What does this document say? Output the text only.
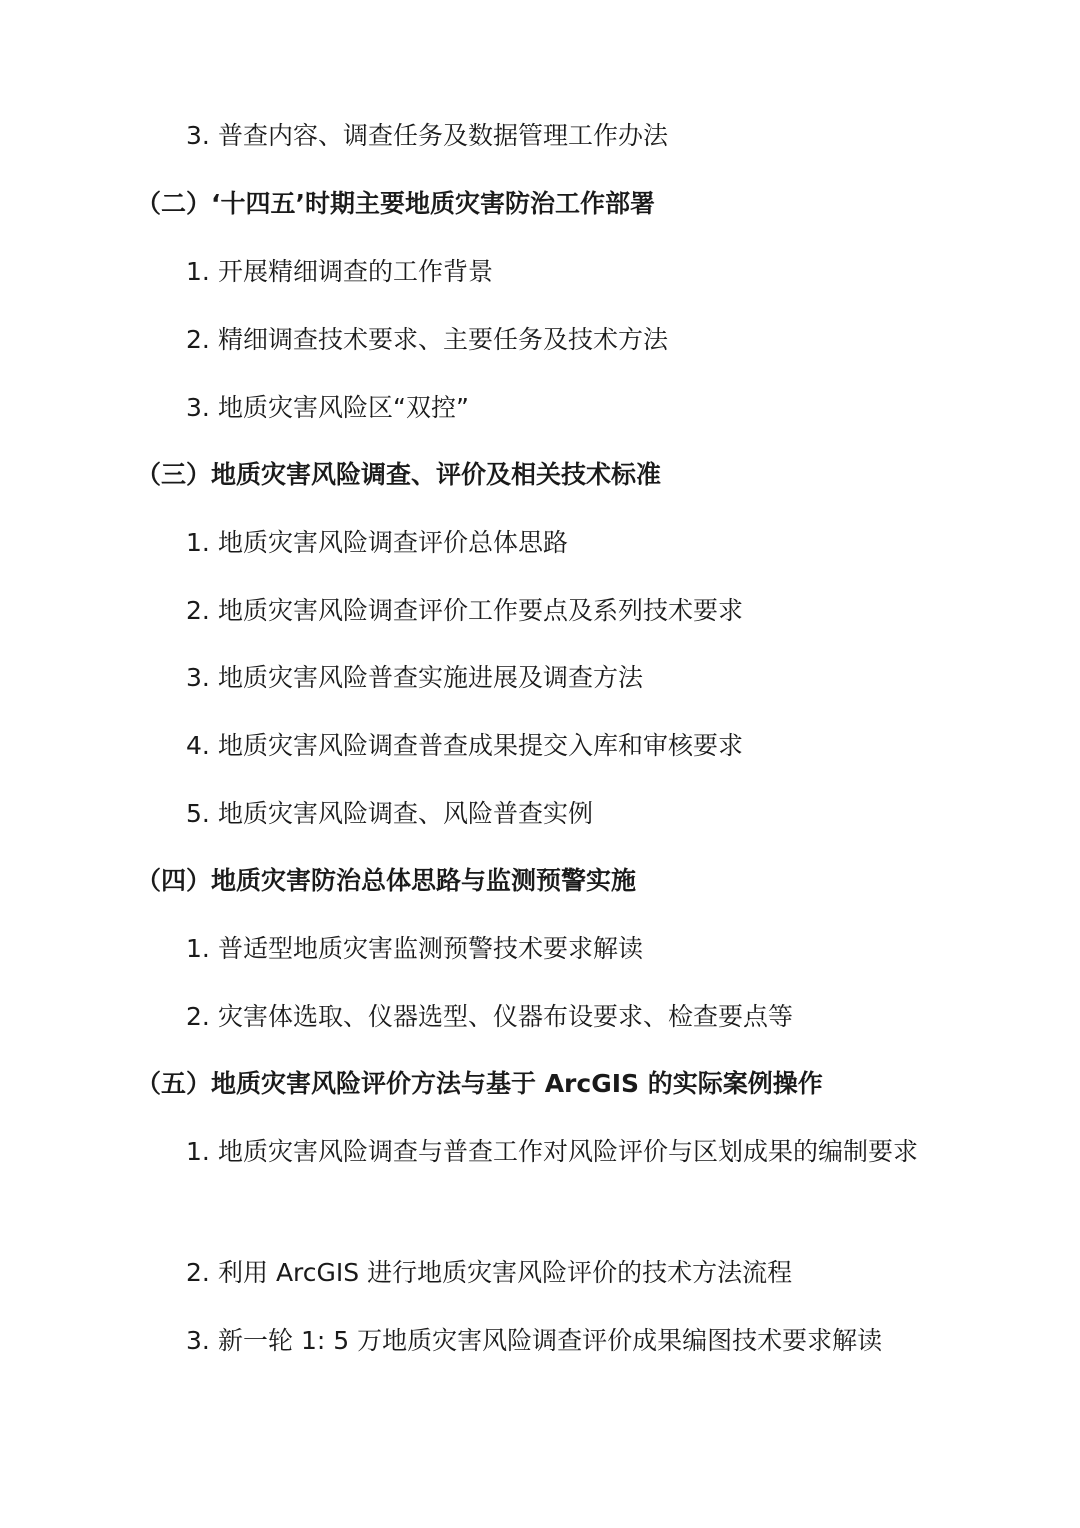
3. 普查内容、调查任务及数据管理工作办法
（二）‘十四五’时期主要地质灾害防治工作部署
1. 开展精细调查的工作背景
2. 精细调查技术要求、主要任务及技术方法
3. 地质灾害风险区“双控”
（三）地质灾害风险调查、评价及相关技术标准
1. 地质灾害风险调查评价总体思路
2. 地质灾害风险调查评价工作要点及系列技术要求
3. 地质灾害风险普查实施进展及调查方法
4. 地质灾害风险调查普查成果提交入库和审核要求
5. 地质灾害风险调查、风险普查实例
（四）地质灾害防治总体思路与监测预警实施
1. 普适型地质灾害监测预警技术要求解读
2. 灾害体选取、仪器选型、仪器布设要求、检查要点等
（五）地质灾害风险评价方法与基于 ArcGIS 的实际案例操作
1. 地质灾害风险调查与普查工作对风险评价与区划成果的编制要求
2. 利用 ArcGIS 进行地质灾害风险评价的技术方法流程
3. 新一轮 1: 5 万地质灾害风险调查评价成果编图技术要求解读
